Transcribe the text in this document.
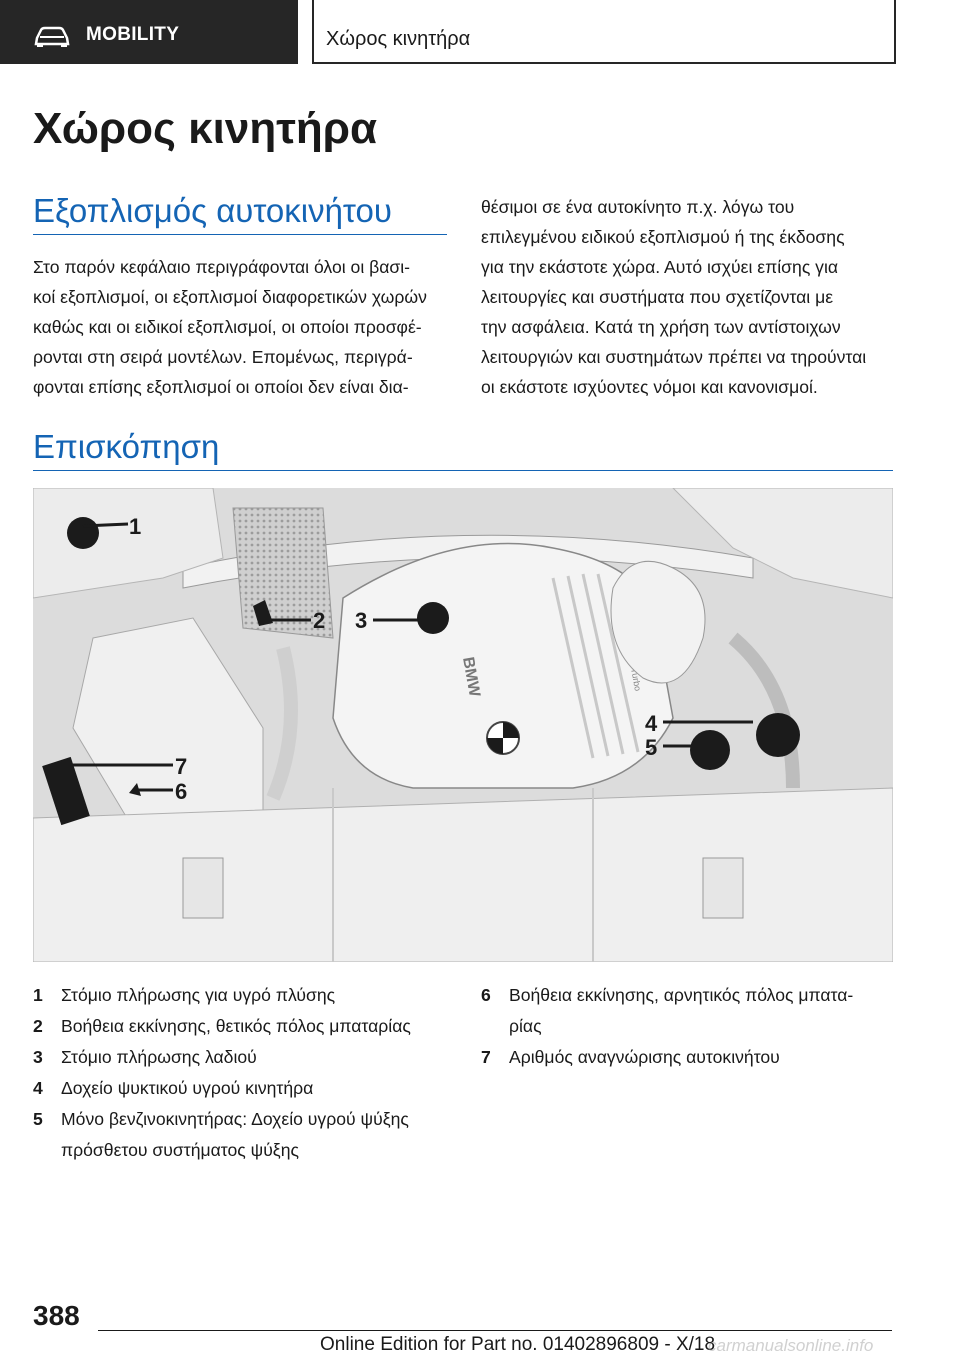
MOBILITY	Χώρος κινητήρα
Χώρος κινητήρα
Εξοπλισμός αυτοκινήτου
Στο παρόν κεφάλαιο περιγράφονται όλοι οι βασι‐
κοί εξοπλισμοί, οι εξοπλισμοί διαφορετικών χωρών
καθώς και οι ειδικοί εξοπλισμοί, οι οποίοι προσφέ‐
ρονται στη σειρά μοντέλων. Επομένως, περιγρά‐
φονται επίσης εξοπλισμοί οι οποίοι δεν είναι δια‐
θέσιμοι σε ένα αυτοκίνητο π.χ. λόγω του
επιλεγμένου ειδικού εξοπλισμού ή της έκδοσης
για την εκάστοτε χώρα. Αυτό ισχύει επίσης για
λειτουργίες και συστήματα που σχετίζονται με
την ασφάλεια. Κατά τη χρήση των αντίστοιχων
λειτουργιών και συστημάτων πρέπει να τηρούνται
οι εκάστοτε ισχύοντες νόμοι και κανονισμοί.
Επισκόπηση
BMW
1
2 3
4
5
7
6
1 Στόμιο πλήρωσης για υγρό πλύσης
2 Βοήθεια εκκίνησης, θετικός πόλος μπαταρίας
3 Στόμιο πλήρωσης λαδιού
4 Δοχείο ψυκτικού υγρού κινητήρα
5 Μόνο βενζινοκινητήρας: Δοχείο υγρού ψύξης
πρόσθετου συστήματος ψύξης
6 Βοήθεια εκκίνησης, αρνητικός πόλος μπατα‐
ρίας
7 Αριθμός αναγνώρισης αυτοκινήτου
388
Online Edition for Part no. 01402896809 - X/18
carmanualsonline.info
